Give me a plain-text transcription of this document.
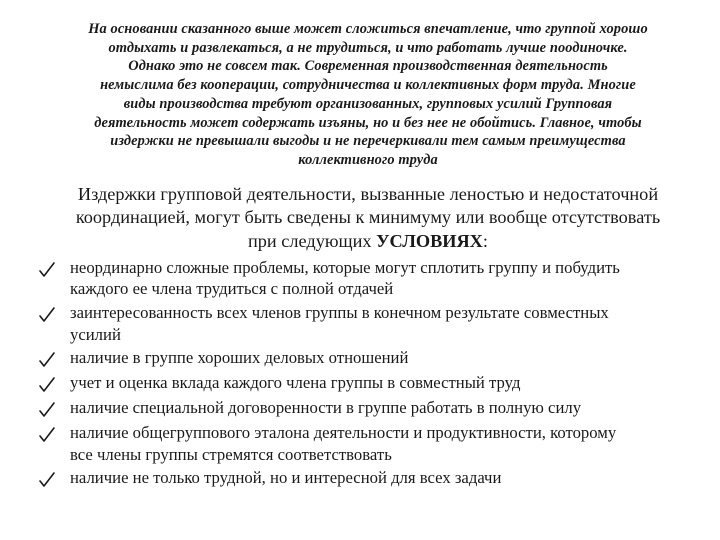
На основании сказанного выше может сложиться впечатление, что группой хорошо
отдыхать и развлекаться, а не трудиться, и что работать лучше поодиночке.
Однако это не совсем так. Современная производственная деятельность
немыслима без кооперации, сотрудничества и коллективных форм труда. Многие
виды производства требуют организованных, групповых усилий Групповая
деятельность может содержать изъяны, но и без нее не обойтись. Главное, чтобы
издержки не превышали выгоды и не перечеркивали тем самым преимущества
коллективного труда

Издержки групповой деятельности, вызванные леностью и недостаточной
координацией, могут быть сведены к минимуму или вообще отсутствовать
при следующих УСЛОВИЯХ:

неординарно сложные проблемы, которые могут сплотить группу и побудить
каждого ее члена трудиться с полной отдачей
заинтересованность всех членов группы в конечном результате совместных
усилий
наличие в группе хороших деловых отношений
учет и оценка вклада каждого члена группы в совместный труд
наличие специальной договоренности в группе работать в полную силу
наличие общегруппового эталона деятельности и продуктивности, которому
все члены группы стремятся соответствовать
наличие не только трудной, но и интересной для всех задачи
